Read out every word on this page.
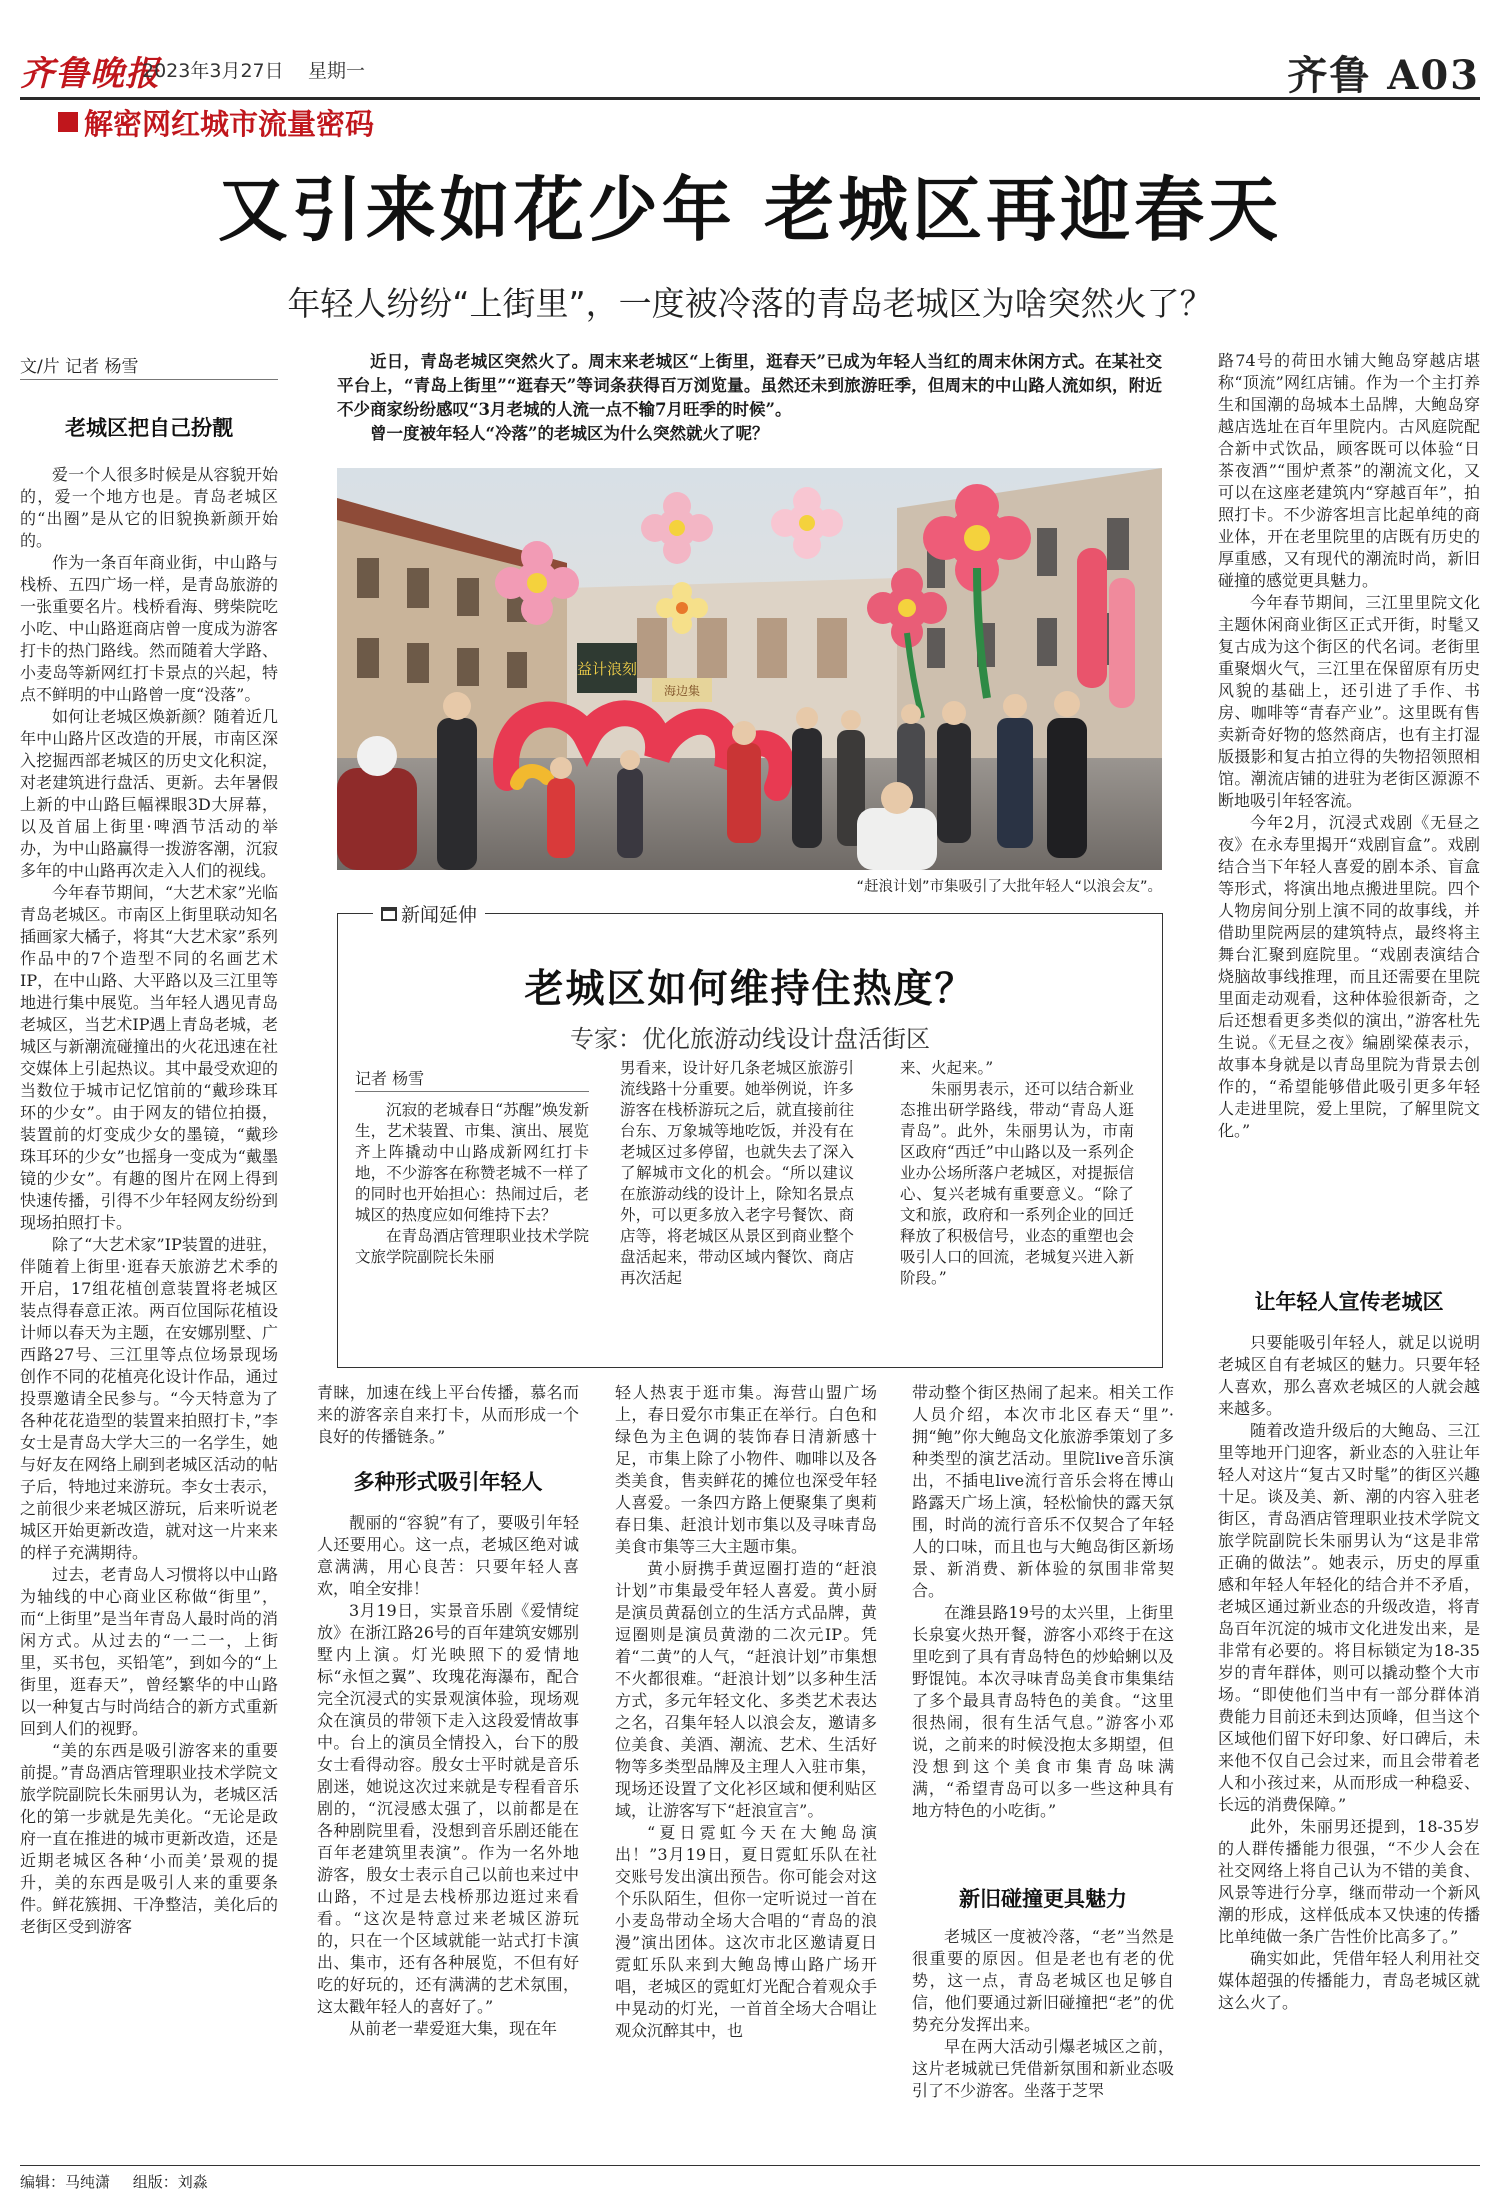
齐鲁晚报
2023年3月27日 星期一	齐鲁 A03
解密网红城市流量密码
又引来如花少年 老城区再迎春天
年轻人纷纷“上街里”，一度被冷落的青岛老城区为啥突然火了？
文/片 记者 杨雪
老城区把自己扮靓

爱一个人很多时候是从容貌开始的，爱一个地方也是。青岛老城区的“出圈”是从它的旧貌换新颜开始的。

作为一条百年商业街，中山路与栈桥、五四广场一样，是青岛旅游的一张重要名片。栈桥看海、劈柴院吃小吃、中山路逛商店曾一度成为游客打卡的热门路线。然而随着大学路、小麦岛等新网红打卡景点的兴起，特点不鲜明的中山路曾一度“没落”。

如何让老城区焕新颜？随着近几年中山路片区改造的开展，市南区深入挖掘西部老城区的历史文化积淀，对老建筑进行盘活、更新。去年暑假上新的中山路巨幅裸眼3D大屏幕，以及首届上街里·啤酒节活动的举办，为中山路赢得一拨游客潮，沉寂多年的中山路再次走入人们的视线。

今年春节期间，“大艺术家”光临青岛老城区。市南区上街里联动知名插画家大橘子，将其“大艺术家”系列作品中的7个造型不同的名画艺术IP，在中山路、大平路以及三江里等地进行集中展览。当年轻人遇见青岛老城区，当艺术IP遇上青岛老城，老城区与新潮流碰撞出的火花迅速在社交媒体上引起热议。其中最受欢迎的当数位于城市记忆馆前的“戴珍珠耳环的少女”。由于网友的错位拍摄，装置前的灯变成少女的墨镜，“戴珍珠耳环的少女”也摇身一变成为“戴墨镜的少女”。有趣的图片在网上得到快速传播，引得不少年轻网友纷纷到现场拍照打卡。

除了“大艺术家”IP装置的进驻，伴随着上街里·逛春天旅游艺术季的开启，17组花植创意装置将老城区装点得春意正浓。两百位国际花植设计师以春天为主题，在安娜别墅、广西路27号、三江里等点位场景现场创作不同的花植亮化设计作品，通过投票邀请全民参与。“今天特意为了各种花花造型的装置来拍照打卡，”李女士是青岛大学大三的一名学生，她与好友在网络上刷到老城区活动的帖子后，特地过来游玩。李女士表示，之前很少来老城区游玩，后来听说老城区开始更新改造，就对这一片来来的样子充满期待。

过去，老青岛人习惯将以中山路为轴线的中心商业区称做“街里”，而“上街里”是当年青岛人最时尚的消闲方式。从过去的“一二一，上街里，买书包，买铅笔”，到如今的“上街里，逛春天”，曾经繁华的中山路以一种复古与时尚结合的新方式重新回到人们的视野。

“美的东西是吸引游客来的重要前提。”青岛酒店管理职业技术学院文旅学院副院长朱丽男认为，老城区活化的第一步就是先美化。“无论是政府一直在推进的城市更新改造，还是近期老城区各种‘小而美’景观的提升，美的东西是吸引人来的重要条件。鲜花簇拥、干净整洁，美化后的老街区受到游客

近日，青岛老城区突然火了。周末来老城区“上街里，逛春天”已成为年轻人当红的周末休闲方式。在某社交平台上，“青岛上街里”“逛春天”等词条获得百万浏览量。虽然还未到旅游旺季，但周末的中山路人流如织，附近不少商家纷纷感叹“3月老城的人流一点不输7月旺季的时候”。

曾一度被年轻人“冷落”的老城区为什么突然就火了呢？

益计浪刻
海边集
“赶浪计划”市集吸引了大批年轻人“以浪会友”。
新闻延伸
老城区如何维持住热度？
专家：优化旅游动线设计盘活街区
记者 杨雪

沉寂的老城春日“苏醒”焕发新生，艺术装置、市集、演出、展览齐上阵撬动中山路成新网红打卡地，不少游客在称赞老城不一样了的同时也开始担心：热闹过后，老城区的热度应如何维持下去？

在青岛酒店管理职业技术学院文旅学院副院长朱丽

男看来，设计好几条老城区旅游引流线路十分重要。她举例说，许多游客在栈桥游玩之后，就直接前往台东、万象城等地吃饭，并没有在老城区过多停留，也就失去了深入了解城市文化的机会。“所以建议在旅游动线的设计上，除知名景点外，可以更多放入老字号餐饮、商店等，将老城区从景区到商业整个盘活起来，带动区域内餐饮、商店再次活起

来、火起来。”

朱丽男表示，还可以结合新业态推出研学路线，带动“青岛人逛青岛”。此外，朱丽男认为，市南区政府“西迁”中山路以及一系列企业办公场所落户老城区，对提振信心、复兴老城有重要意义。“除了文和旅，政府和一系列企业的回迁释放了积极信号，业态的重塑也会吸引人口的回流，老城复兴进入新阶段。”

青睐，加速在线上平台传播，慕名而来的游客亲自来打卡，从而形成一个良好的传播链条。”

多种形式吸引年轻人

靓丽的“容貌”有了，要吸引年轻人还要用心。这一点，老城区绝对诚意满满，用心良苦：只要年轻人喜欢，咱全安排！

3月19日，实景音乐剧《爱情绽放》在浙江路26号的百年建筑安娜别墅内上演。灯光映照下的爱情地标“永恒之翼”、玫瑰花海瀑布，配合完全沉浸式的实景观演体验，现场观众在演员的带领下走入这段爱情故事中。台上的演员全情投入，台下的殷女士看得动容。殷女士平时就是音乐剧迷，她说这次过来就是专程看音乐剧的，“沉浸感太强了，以前都是在各种剧院里看，没想到音乐剧还能在百年老建筑里表演”。作为一名外地游客，殷女士表示自己以前也来过中山路，不过是去栈桥那边逛过来看看。“这次是特意过来老城区游玩的，只在一个区域就能一站式打卡演出、集市，还有各种展览，不但有好吃的好玩的，还有满满的艺术氛围，这太戳年轻人的喜好了。”

从前老一辈爱逛大集，现在年

轻人热衷于逛市集。海营山盟广场上，春日爱尔市集正在举行。白色和绿色为主色调的装饰春日清新感十足，市集上除了小物件、咖啡以及各类美食，售卖鲜花的摊位也深受年轻人喜爱。一条四方路上便聚集了奥莉春日集、赶浪计划市集以及寻味青岛美食市集等三大主题市集。

黄小厨携手黄逗圈打造的“赶浪计划”市集最受年轻人喜爱。黄小厨是演员黄磊创立的生活方式品牌，黄逗圈则是演员黄渤的二次元IP。凭着“二黄”的人气，“赶浪计划”市集想不火都很难。“赶浪计划”以多种生活方式，多元年轻文化、多类艺术表达之名，召集年轻人以浪会友，邀请多位美食、美酒、潮流、艺术、生活好物等多类型品牌及主理人入驻市集，现场还设置了文化衫区域和便利贴区域，让游客写下“赶浪宣言”。

“夏日霓虹今天在大鲍岛演出！”3月19日，夏日霓虹乐队在社交账号发出演出预告。你可能会对这个乐队陌生，但你一定听说过一首在小麦岛带动全场大合唱的“青岛的浪漫”演出团体。这次市北区邀请夏日霓虹乐队来到大鲍岛博山路广场开唱，老城区的霓虹灯光配合着观众手中晃动的灯光，一首首全场大合唱让观众沉醉其中，也

带动整个街区热闹了起来。相关工作人员介绍，本次市北区春天“里”·拥“鲍”你大鲍岛文化旅游季策划了多种类型的演艺活动。里院live音乐演出，不插电live流行音乐会将在博山路露天广场上演，轻松愉快的露天氛围，时尚的流行音乐不仅契合了年轻人的口味，而且也与大鲍岛街区新场景、新消费、新体验的氛围非常契合。

在潍县路19号的太兴里，上街里长泉宴火热开餐，游客小邓终于在这里吃到了具有青岛特色的炒蛤蜊以及野馄饨。本次寻味青岛美食市集集结了多个最具青岛特色的美食。“这里很热闹，很有生活气息。”游客小邓说，之前来的时候没抱太多期望，但没想到这个美食市集青岛味满满，“希望青岛可以多一些这种具有地方特色的小吃街。”

新旧碰撞更具魅力

老城区一度被冷落，“老”当然是很重要的原因。但是老也有老的优势，这一点，青岛老城区也足够自信，他们要通过新旧碰撞把“老”的优势充分发挥出来。

早在两大活动引爆老城区之前，这片老城就已凭借新氛围和新业态吸引了不少游客。坐落于芝罘

路74号的荷田水铺大鲍岛穿越店堪称“顶流”网红店铺。作为一个主打养生和国潮的岛城本土品牌，大鲍岛穿越店选址在百年里院内。古风庭院配合新中式饮品，顾客既可以体验“日茶夜酒”“围炉煮茶”的潮流文化，又可以在这座老建筑内“穿越百年”，拍照打卡。不少游客坦言比起单纯的商业体，开在老里院里的店既有历史的厚重感，又有现代的潮流时尚，新旧碰撞的感觉更具魅力。

今年春节期间，三江里里院文化主题休闲商业街区正式开街，时髦又复古成为这个街区的代名词。老街里重聚烟火气，三江里在保留原有历史风貌的基础上，还引进了手作、书房、咖啡等“青春产业”。这里既有售卖新奇好物的悠然商店，也有主打湿版摄影和复古拍立得的失物招领照相馆。潮流店铺的进驻为老街区源源不断地吸引年轻客流。

今年2月，沉浸式戏剧《无昼之夜》在永寿里揭开“戏剧盲盒”。戏剧结合当下年轻人喜爱的剧本杀、盲盒等形式，将演出地点搬进里院。四个人物房间分别上演不同的故事线，并借助里院两层的建筑特点，最终将主舞台汇聚到庭院里。“戏剧表演结合烧脑故事线推理，而且还需要在里院里面走动观看，这种体验很新奇，之后还想看更多类似的演出，”游客杜先生说。《无昼之夜》编剧梁葆表示，故事本身就是以青岛里院为背景去创作的，“希望能够借此吸引更多年轻人走进里院，爱上里院，了解里院文化。”

让年轻人宣传老城区

只要能吸引年轻人，就足以说明老城区自有老城区的魅力。只要年轻人喜欢，那么喜欢老城区的人就会越来越多。

随着改造升级后的大鲍岛、三江里等地开门迎客，新业态的入驻让年轻人对这片“复古又时髦”的街区兴趣十足。谈及美、新、潮的内容入驻老街区，青岛酒店管理职业技术学院文旅学院副院长朱丽男认为“这是非常正确的做法”。她表示，历史的厚重感和年轻人年轻化的结合并不矛盾，老城区通过新业态的升级改造，将青岛百年沉淀的城市文化进发出来，是非常有必要的。将目标锁定为18-35岁的青年群体，则可以撬动整个大市场。“即使他们当中有一部分群体消费能力目前还未到达顶峰，但当这个区域他们留下好印象、好口碑后，未来他不仅自己会过来，而且会带着老人和小孩过来，从而形成一种稳妥、长远的消费保障。”

此外，朱丽男还提到，18-35岁的人群传播能力很强，“不少人会在社交网络上将自己认为不错的美食、风景等进行分享，继而带动一个新风潮的形成，这样低成本又快速的传播比单纯做一条广告性价比高多了。”

确实如此，凭借年轻人利用社交媒体超强的传播能力，青岛老城区就这么火了。

编辑：马纯潇 组版：刘淼
